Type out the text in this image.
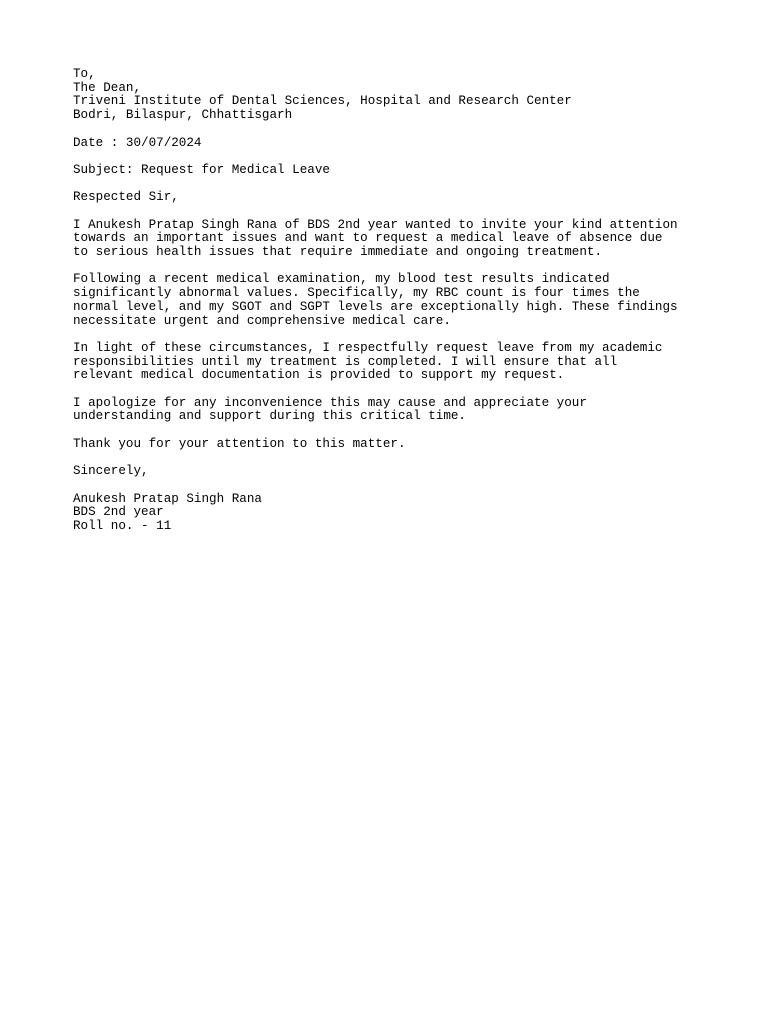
To,
The Dean,
Triveni Institute of Dental Sciences, Hospital and Research Center
Bodri, Bilaspur, Chhattisgarh
Date : 30/07/2024
Subject: Request for Medical Leave
Respected Sir,
I Anukesh Pratap Singh Rana of BDS 2nd year wanted to invite your kind attention
towards an important issues and want to request a medical leave of absence due
to serious health issues that require immediate and ongoing treatment.
Following a recent medical examination, my blood test results indicated
significantly abnormal values. Specifically, my RBC count is four times the
normal level, and my SGOT and SGPT levels are exceptionally high. These findings
necessitate urgent and comprehensive medical care.
In light of these circumstances, I respectfully request leave from my academic
responsibilities until my treatment is completed. I will ensure that all
relevant medical documentation is provided to support my request.
I apologize for any inconvenience this may cause and appreciate your
understanding and support during this critical time.
Thank you for your attention to this matter.
Sincerely,
Anukesh Pratap Singh Rana
BDS 2nd year
Roll no. - 11
